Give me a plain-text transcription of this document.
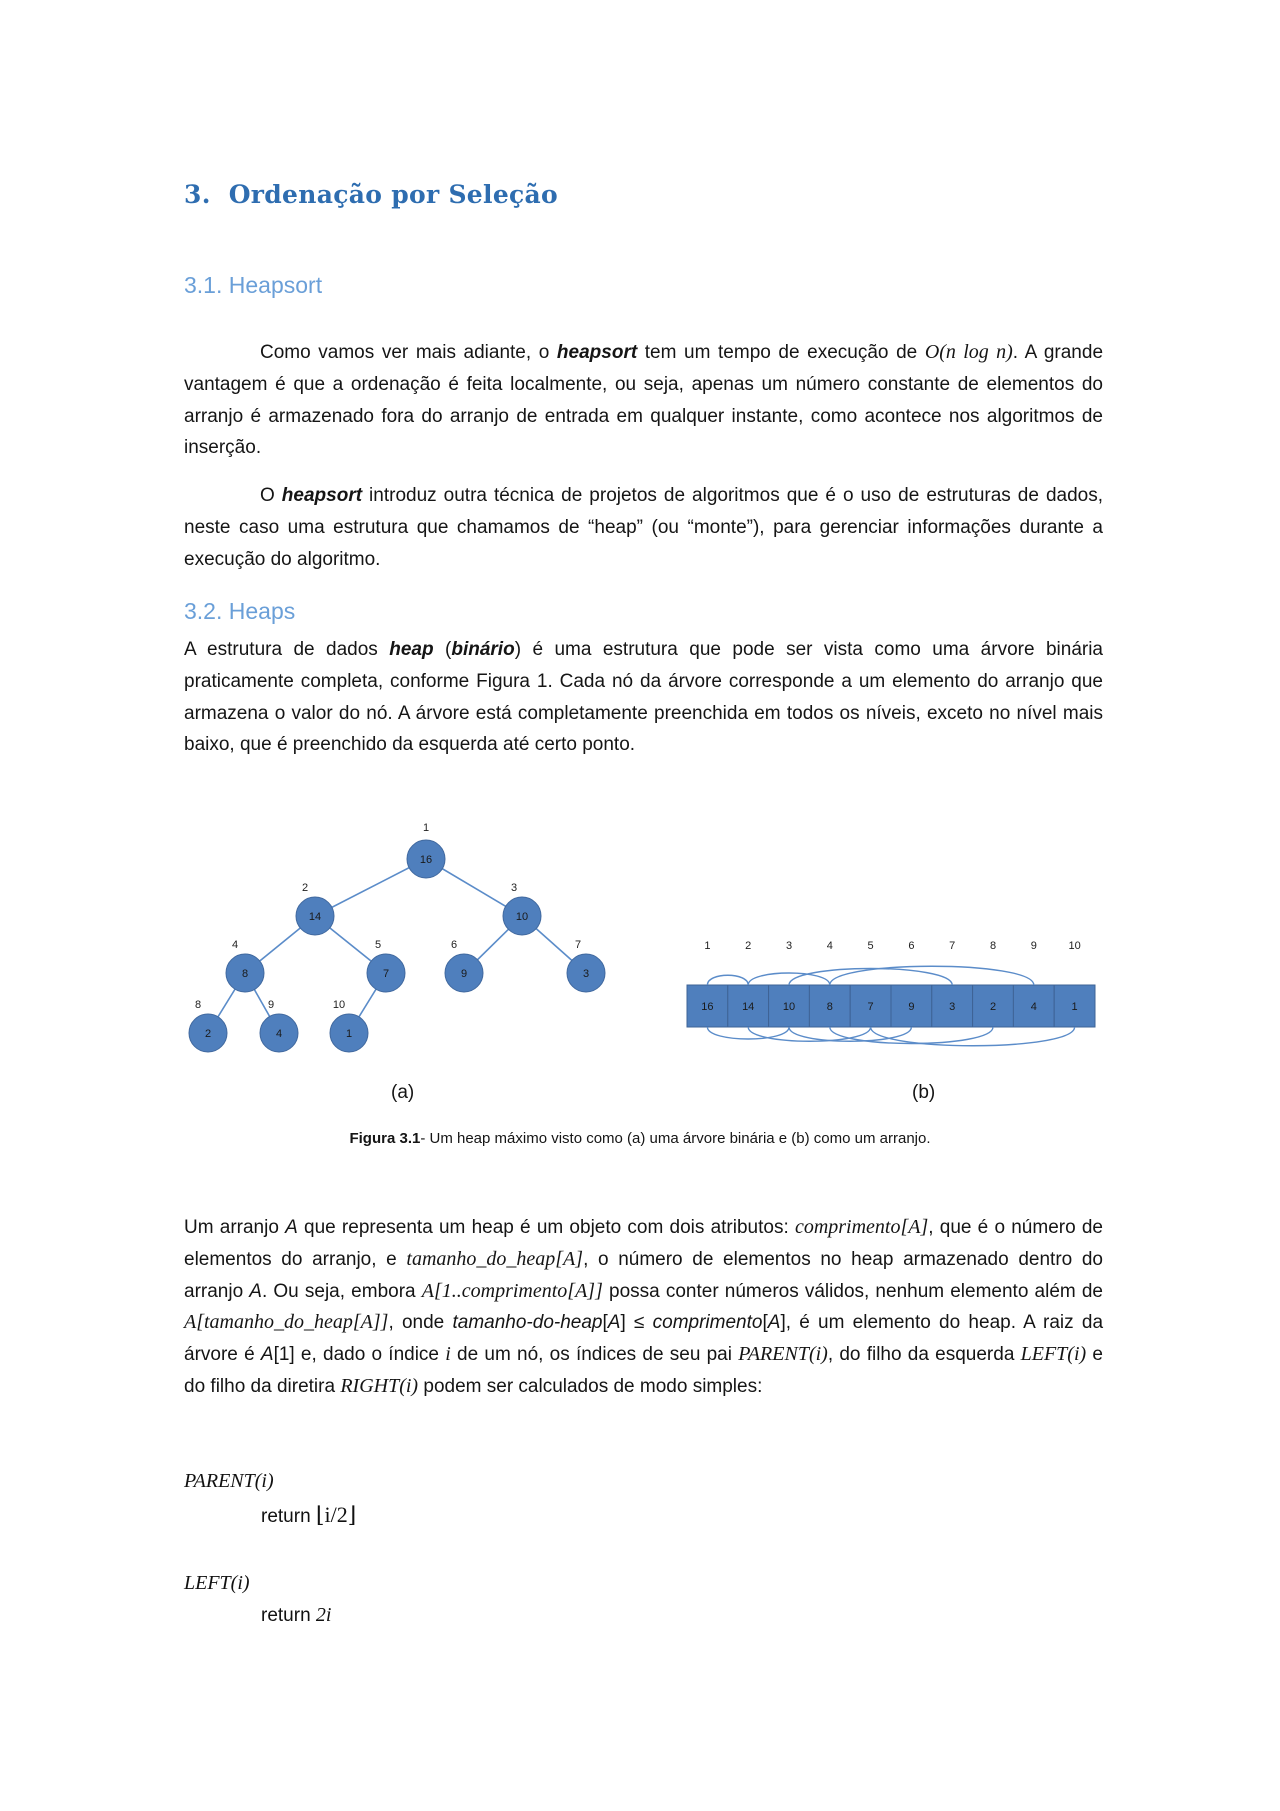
3. Ordenação por Seleção
3.1. Heapsort

Como vamos ver mais adiante, o heapsort tem um tempo de execução de O(n log n). A grande vantagem é que a ordenação é feita localmente, ou seja, apenas um número constante de elementos do arranjo é armazenado fora do arranjo de entrada em qualquer instante, como acontece nos algoritmos de inserção.

O heapsort introduz outra técnica de projetos de algoritmos que é o uso de estruturas de dados, neste caso uma estrutura que chamamos de “heap” (ou “monte”), para gerenciar informações durante a execução do algoritmo.

3.2. Heaps

A estrutura de dados heap (binário) é uma estrutura que pode ser vista como uma árvore binária praticamente completa, conforme Figura 1. Cada nó da árvore corresponde a um elemento do arranjo que armazena o valor do nó. A árvore está completamente preenchida em todos os níveis, exceto no nível mais baixo, que é preenchido da esquerda até certo ponto.

16
1
14
2
10
3
8
4
7
5
9
6
3
7
2
8
4
9
1
10	16
1
14
2
10
3
8
4
7
5
9
6
3
7
2
8
4
9
1
10
(a)	(b)
Figura 3.1- Um heap máximo visto como (a) uma árvore binária e (b) como um arranjo.

Um arranjo A que representa um heap é um objeto com dois atributos: comprimento[A], que é o número de elementos do arranjo, e tamanho_do_heap[A], o número de elementos no heap armazenado dentro do arranjo A. Ou seja, embora A[1..comprimento[A]] possa conter números válidos, nenhum elemento além de A[tamanho_do_heap[A]], onde tamanho-do-heap[A] ≤ comprimento[A], é um elemento do heap. A raiz da árvore é A[1] e, dado o índice i de um nó, os índices de seu pai PARENT(i), do filho da esquerda LEFT(i) e do filho da diretira RIGHT(i) podem ser calculados de modo simples:

PARENT(i)
return ⌊i/2⌋
LEFT(i)
return 2i
